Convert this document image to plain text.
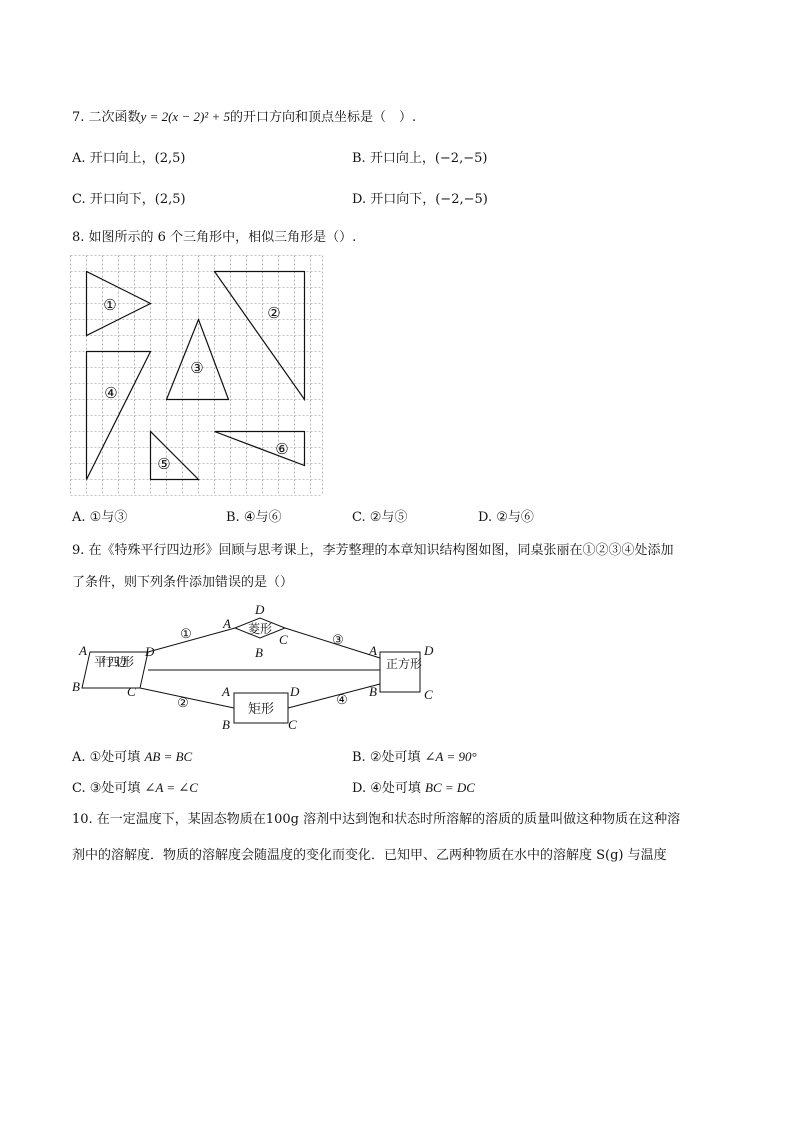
7. 二次函数y = 2(x − 2)² + 5的开口方向和顶点坐标是（　）.
A. 开口向上，(2,5)	B. 开口向上，(−2,−5)
C. 开口向下，(2,5)	D. 开口向下，(−2,−5)
8. 如图所示的 6 个三角形中，相似三角形是（）.
①	②
③
④
⑤
⑥
A. ①与③	B. ④与⑥	C. ②与⑤	D. ②与⑥
9. 在《特殊平行四边形》回顾与思考课上，李芳整理的本章知识结构图如图，同桌张丽在①②③④处添加
了条件，则下列条件添加错误的是（）
平行四边形
菱形
矩形
正方形
①
②
③
④
A	D
B	C
A
D
C
B	A	D
B	C
A	D
B	C
A. ①处可填 AB = BC	B. ②处可填 ∠A = 90°
C. ③处可填 ∠A = ∠C	D. ④处可填 BC = DC
10. 在一定温度下，某固态物质在100g 溶剂中达到饱和状态时所溶解的溶质的质量叫做这种物质在这种溶
剂中的溶解度．物质的溶解度会随温度的变化而变化．已知甲、乙两种物质在水中的溶解度 S(g) 与温度
